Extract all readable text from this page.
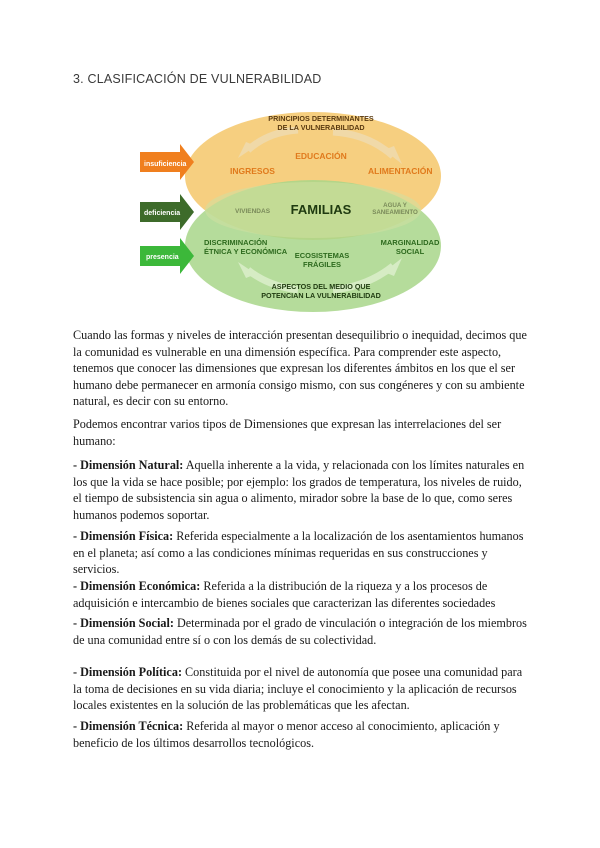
3. CLASIFICACIÓN DE VULNERABILIDAD
insuficiencia
deficiencia
presencia
PRINCIPIOS DETERMINANTES
DE LA VULNERABILIDAD
EDUCACIÓN
INGRESOS	ALIMENTACIÓN
VIVIENDAS FAMILIAS	AGUA Y
SANEAMIENTO
DISCRIMINACIÓN
ÉTNICA Y ECONÓMICA ECOSISTEMAS
FRÁGILES
MARGINALIDAD
SOCIAL
ASPECTOS DEL MEDIO QUE
POTENCIAN LA VULNERABILIDAD

Cuando las formas y niveles de interacción presentan desequilibrio o inequidad, decimos que la comunidad es vulnerable en una dimensión específica. Para comprender este aspecto, tenemos que conocer las dimensiones que expresan los diferentes ámbitos en los que el ser humano debe permanecer en armonía consigo mismo, con sus congéneres y con su ambiente natural, es decir con su entorno.

Podemos encontrar varios tipos de Dimensiones que expresan las interrelaciones del ser humano:

- Dimensión Natural: Aquella inherente a la vida, y relacionada con los límites naturales en los que la vida se hace posible; por ejemplo: los grados de temperatura, los niveles de ruido, el tiempo de subsistencia sin agua o alimento, mirador sobre la base de lo que, como seres humanos podemos soportar.
- Dimensión Física: Referida especialmente a la localización de los asentamientos humanos en el planeta; así como a las condiciones mínimas requeridas en sus construcciones y servicios.
- Dimensión Económica: Referida a la distribución de la riqueza y a los procesos de adquisición e intercambio de bienes sociales que caracterizan las diferentes sociedades
- Dimensión Social: Determinada por el grado de vinculación o integración de los miembros de una comunidad entre sí o con los demás de su colectividad.
- Dimensión Política: Constituida por el nivel de autonomía que posee una comunidad para la toma de decisiones en su vida diaria; incluye el conocimiento y la aplicación de recursos locales existentes en la solución de las problemáticas que les afectan.
- Dimensión Técnica: Referida al mayor o menor acceso al conocimiento, aplicación y beneficio de los últimos desarrollos tecnológicos.
